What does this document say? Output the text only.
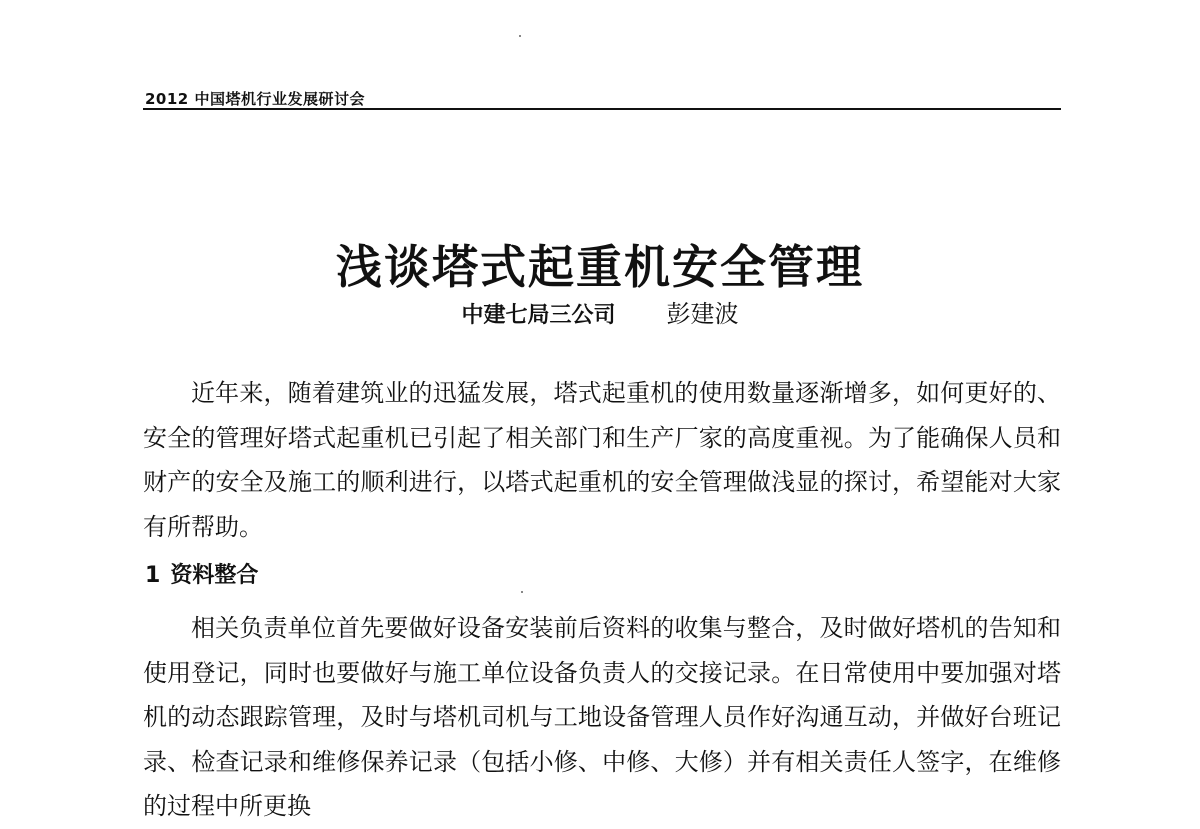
2012 中国塔机行业发展研讨会
浅谈塔式起重机安全管理
中建七局三公司 彭建波

近年来，随着建筑业的迅猛发展，塔式起重机的使用数量逐渐增多，如何更好的、安全的管理好塔式起重机已引起了相关部门和生产厂家的高度重视。为了能确保人员和财产的安全及施工的顺利进行，以塔式起重机的安全管理做浅显的探讨，希望能对大家有所帮助。

1 资料整合

相关负责单位首先要做好设备安装前后资料的收集与整合，及时做好塔机的告知和使用登记，同时也要做好与施工单位设备负责人的交接记录。在日常使用中要加强对塔机的动态跟踪管理，及时与塔机司机与工地设备管理人员作好沟通互动，并做好台班记录、检查记录和维修保养记录（包括小修、中修、大修）并有相关责任人签字，在维修的过程中所更换
